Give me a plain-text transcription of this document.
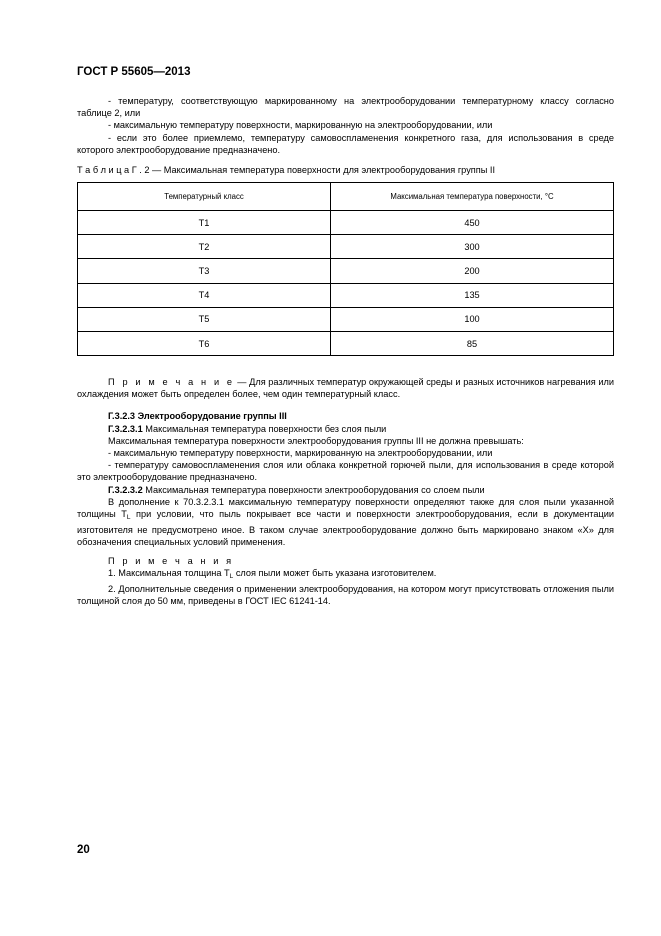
ГОСТ Р 55605—2013

- температуру, соответствующую маркированному на электрооборудовании температурному классу согласно таблице 2, или

- максимальную температуру поверхности, маркированную на электрооборудовании, или

- если это более приемлемо, температуру самовоспламенения конкретного газа, для использования в среде которого электрооборудование предназначено.

Т а б л и ц а Г . 2 — Максимальная температура поверхности для электрооборудования группы II
Температурный класс	Максимальная температура поверхности, °С
Т1	450
Т2	300
Т3	200
Т4	135
Т5	100
Т6	85

П р и м е ч а н и е — Для различных температур окружающей среды и разных источников нагревания или охлаждения может быть определен более, чем один температурный класс.

Г.3.2.3 Электрооборудование группы III

Г.3.2.3.1 Максимальная температура поверхности без слоя пыли

Максимальная температура поверхности электрооборудования группы III не должна превышать:

- максимальную температуру поверхности, маркированную на электрооборудовании, или

- температуру самовоспламенения слоя или облака конкретной горючей пыли, для использования в среде которой это электрооборудование предназначено.

Г.3.2.3.2 Максимальная температура поверхности электрооборудования со слоем пыли

В дополнение к 70.3.2.3.1 максимальную температуру поверхности определяют также для слоя пыли указанной толщины $T_L$ при условии, что пыль покрывает все части и поверхности электрооборудования, если в документации изготовителя не предусмотрено иное. В таком случае электрооборудование должно быть маркировано знаком «X» для обозначения специальных условий применения.

П р и м е ч а н и я

1. Максимальная толщина $T_L$ слоя пыли может быть указана изготовителем.

2. Дополнительные сведения о применении электрооборудования, на котором могут присутствовать отложения пыли толщиной слоя до 50 мм, приведены в ГОСТ IEC 61241-14.

20
